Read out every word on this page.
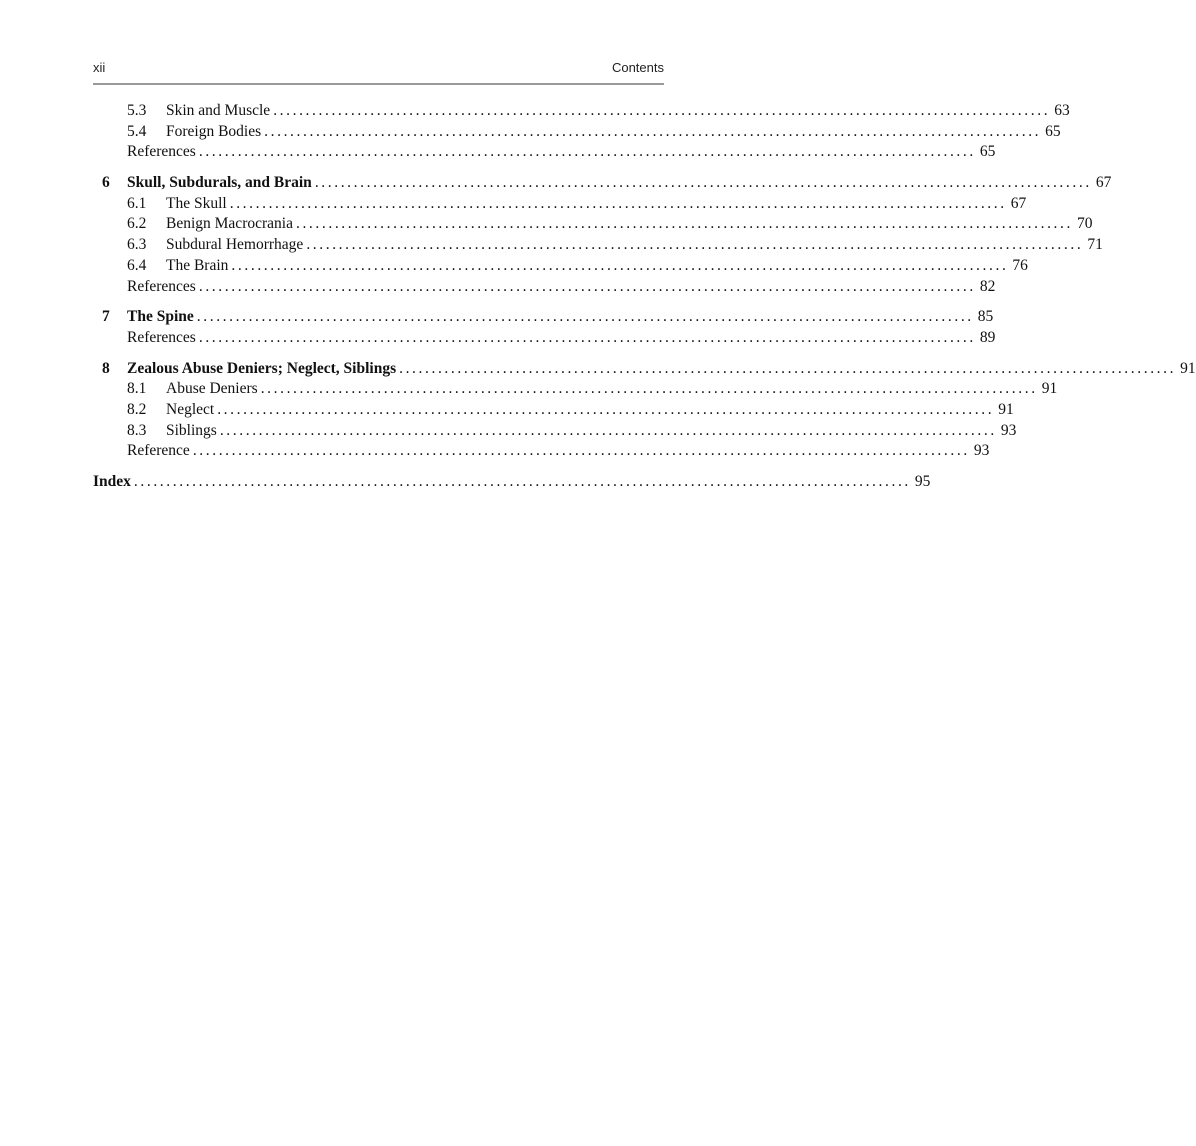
xii	Contents
5.3 Skin and Muscle ........................................................................................................................ 63
5.4 Foreign Bodies ........................................................................................................................ 65
References ........................................................................................................................ 65
6 Skull, Subdurals, and Brain ........................................................................................................................ 67
6.1 The Skull ........................................................................................................................ 67
6.2 Benign Macrocrania ........................................................................................................................ 70
6.3 Subdural Hemorrhage ........................................................................................................................ 71
6.4 The Brain ........................................................................................................................ 76
References ........................................................................................................................ 82
7 The Spine ........................................................................................................................ 85
References ........................................................................................................................ 89
8 Zealous Abuse Deniers; Neglect, Siblings ........................................................................................................................ 91
8.1 Abuse Deniers ........................................................................................................................ 91
8.2 Neglect ........................................................................................................................ 91
8.3 Siblings ........................................................................................................................ 93
Reference ........................................................................................................................ 93
Index ........................................................................................................................ 95
